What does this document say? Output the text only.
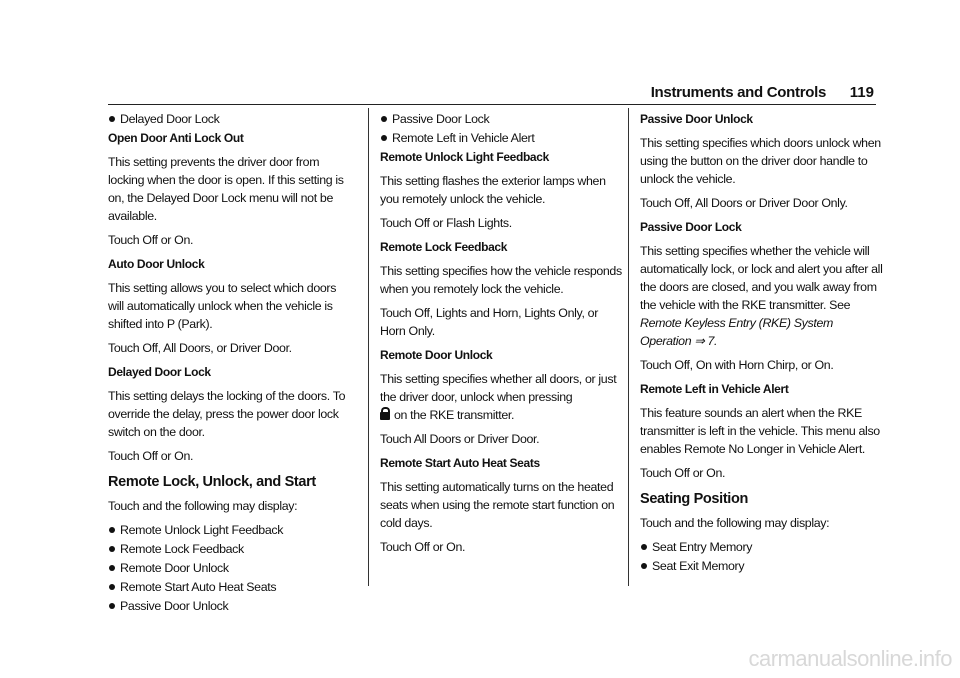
Instruments and Controls 119
Delayed Door Lock
Open Door Anti Lock Out
This setting prevents the driver door from locking when the door is open. If this setting is on, the Delayed Door Lock menu will not be available.
Touch Off or On.
Auto Door Unlock
This setting allows you to select which doors will automatically unlock when the vehicle is shifted into P (Park).
Touch Off, All Doors, or Driver Door.
Delayed Door Lock
This setting delays the locking of the doors. To override the delay, press the power door lock switch on the door.
Touch Off or On.
Remote Lock, Unlock, and Start
Touch and the following may display:
Remote Unlock Light Feedback
Remote Lock Feedback
Remote Door Unlock
Remote Start Auto Heat Seats
Passive Door Unlock
Passive Door Lock
Remote Left in Vehicle Alert
Remote Unlock Light Feedback
This setting flashes the exterior lamps when you remotely unlock the vehicle.
Touch Off or Flash Lights.
Remote Lock Feedback
This setting specifies how the vehicle responds when you remotely lock the vehicle.
Touch Off, Lights and Horn, Lights Only, or Horn Only.
Remote Door Unlock
This setting specifies whether all doors, or just the driver door, unlock when pressing
on the RKE transmitter.
Touch All Doors or Driver Door.
Remote Start Auto Heat Seats
This setting automatically turns on the heated seats when using the remote start function on cold days.
Touch Off or On.
Passive Door Unlock
This setting specifies which doors unlock when using the button on the driver door handle to unlock the vehicle.
Touch Off, All Doors or Driver Door Only.
Passive Door Lock
This setting specifies whether the vehicle will automatically lock, or lock and alert you after all the doors are closed, and you walk away from the vehicle with the RKE transmitter. See Remote Keyless Entry (RKE) System Operation ⇒ 7.
Touch Off, On with Horn Chirp, or On.
Remote Left in Vehicle Alert
This feature sounds an alert when the RKE transmitter is left in the vehicle. This menu also enables Remote No Longer in Vehicle Alert.
Touch Off or On.
Seating Position
Touch and the following may display:
Seat Entry Memory
Seat Exit Memory
carmanualsonline.info
